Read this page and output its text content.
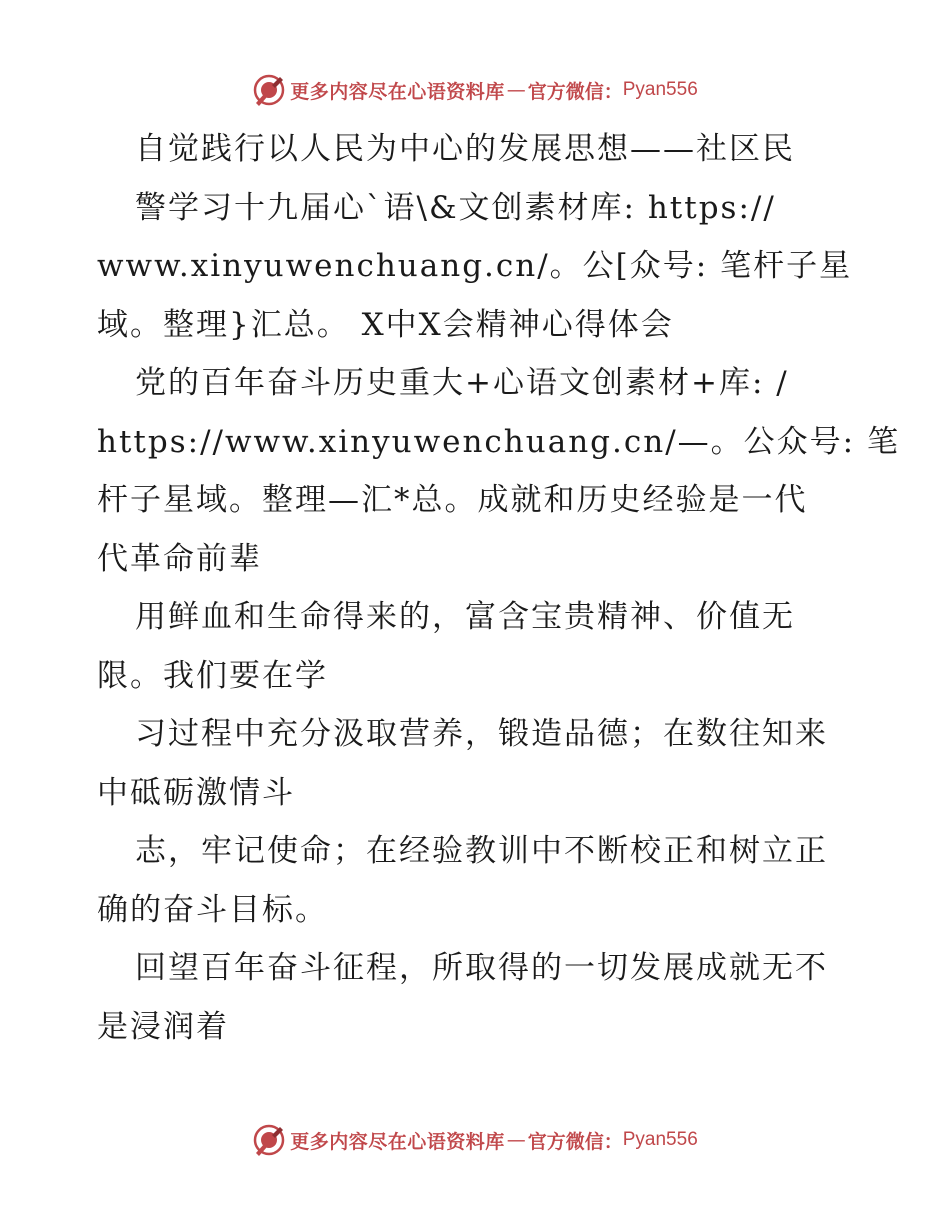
更多内容尽在心语资料库 — 官方微信： Pyan556
自觉践行以人民为中心的发展思想——社区民
警学习十九届心`语\&文创素材库: https://
www.xinyuwenchuang.cn/。公[众号: 笔杆子星
域。整理}汇总。 X中X会精神心得体会
党的百年奋斗历史重大+心语文创素材+库: /
https://www.xinyuwenchuang.cn/—。公众号: 笔
杆子星域。整理—汇*总。成就和历史经验是一代
代革命前辈
用鲜血和生命得来的，富含宝贵精神、价值无
限。我们要在学
习过程中充分汲取营养，锻造品德；在数往知来
中砥砺激情斗
志，牢记使命；在经验教训中不断校正和树立正
确的奋斗目标。
回望百年奋斗征程，所取得的一切发展成就无不
是浸润着
更多内容尽在心语资料库 — 官方微信： Pyan556
